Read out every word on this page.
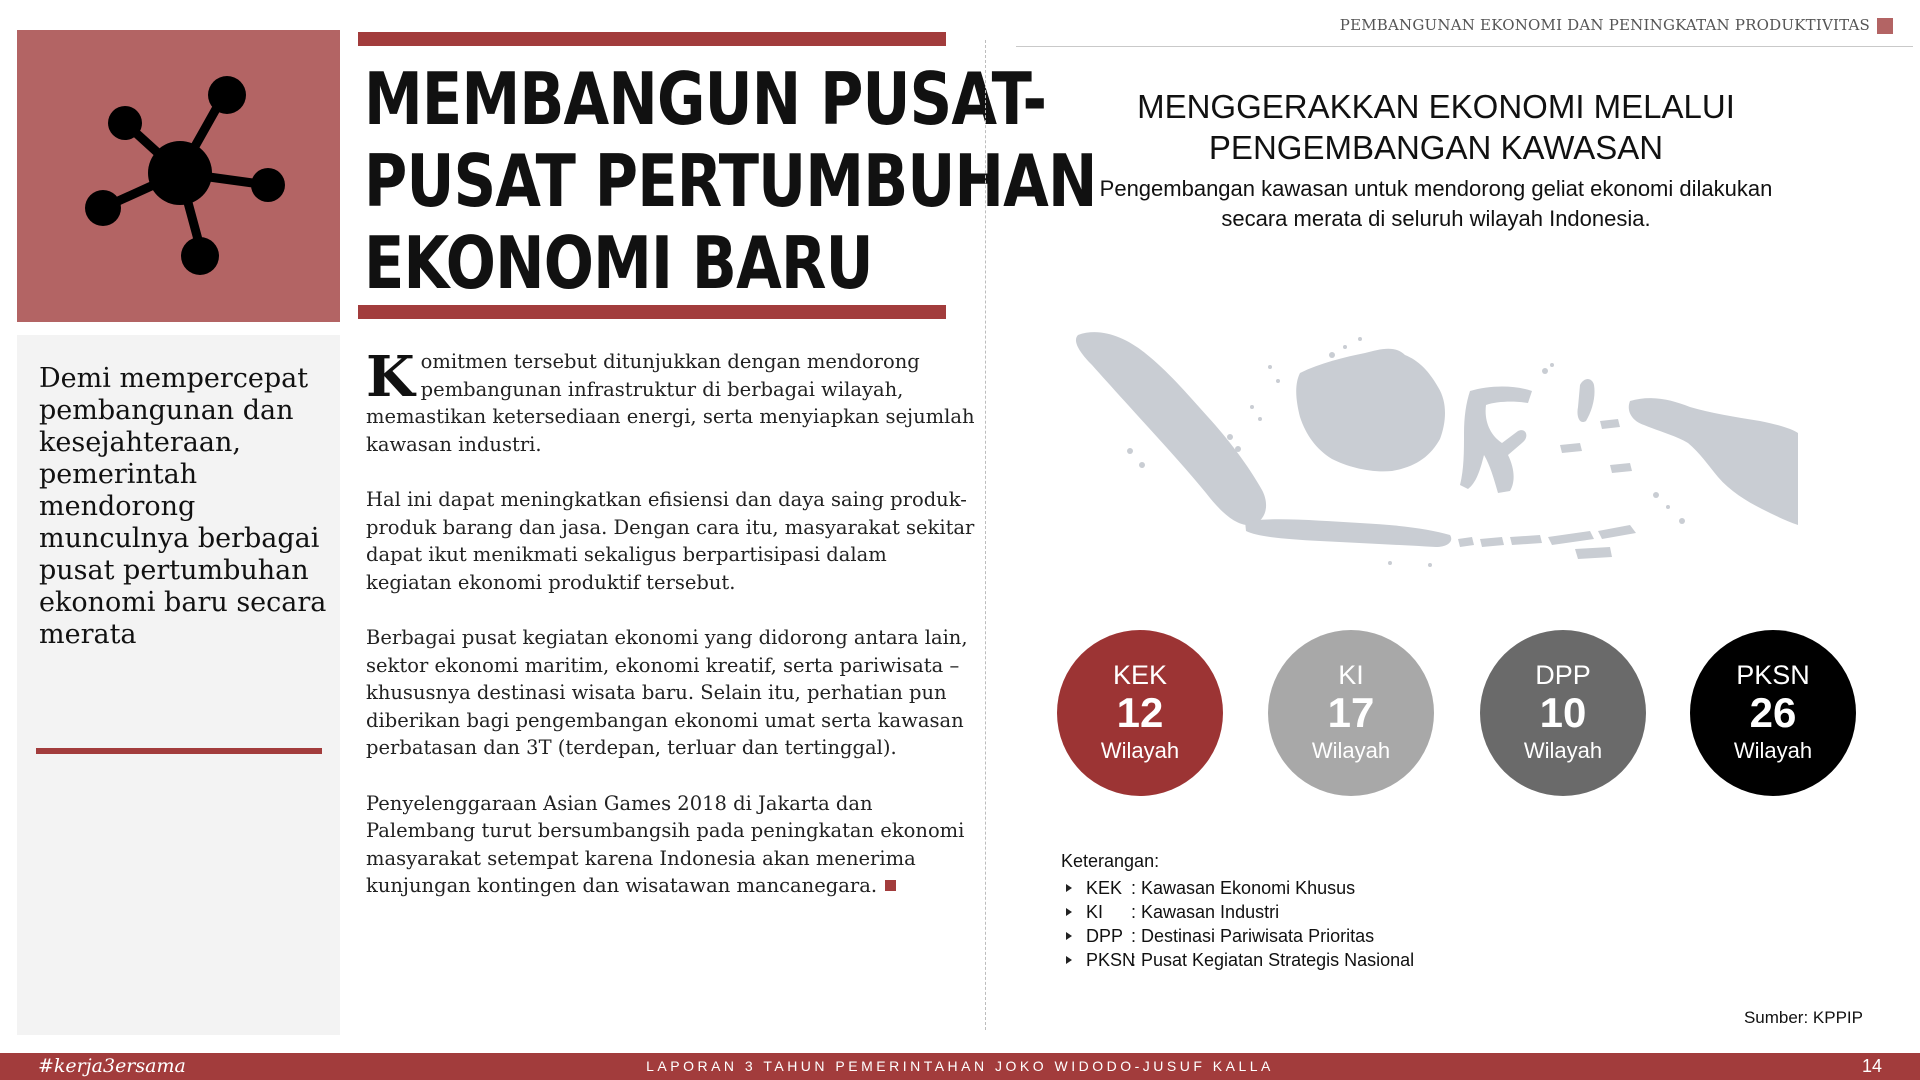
Demi mempercepat pembangunan dan kesejahteraan, pemerintah mendorong munculnya berbagai pusat pertumbuhan ekonomi baru secara merata
MEMBANGUN PUSAT-
PUSAT PERTUMBUHAN
EKONOMI BARU

Komitmen tersebut ditunjukkan dengan mendorong pembangunan infrastruktur di berbagai wilayah, memastikan ketersediaan energi, serta menyiapkan sejumlah kawasan industri.

Hal ini dapat meningkatkan efisiensi dan daya saing produk-produk barang dan jasa. Dengan cara itu, masyarakat sekitar dapat ikut menikmati sekaligus berpartisipasi dalam kegiatan ekonomi produktif tersebut.

Berbagai pusat kegiatan ekonomi yang didorong antara lain, sektor ekonomi maritim, ekonomi kreatif, serta pariwisata – khususnya destinasi wisata baru. Selain itu, perhatian pun diberikan bagi pengembangan ekonomi umat serta kawasan perbatasan dan 3T (terdepan, terluar dan tertinggal).

Penyelenggaraan Asian Games 2018 di Jakarta dan Palembang turut bersumbangsih pada peningkatan ekonomi masyarakat setempat karena Indonesia akan menerima kunjungan kontingen dan wisatawan mancanegara.

PEMBANGUNAN EKONOMI DAN PENINGKATAN PRODUKTIVITAS
MENGGERAKKAN EKONOMI MELALUI
PENGEMBANGAN KAWASAN
Pengembangan kawasan untuk mendorong geliat ekonomi dilakukan
secara merata di seluruh wilayah Indonesia.
KEK
12
Wilayah
KI
17
Wilayah
DPP
10
Wilayah
PKSN
26
Wilayah
Keterangan:
KEK : Kawasan Ekonomi Khusus
KI : Kawasan Industri
DPP : Destinasi Pariwisata Prioritas
PKSN: Pusat Kegiatan Strategis Nasional
Sumber: KPPIP
#kerja3ersama	LAPORAN 3 TAHUN PEMERINTAHAN JOKO WIDODO-JUSUF KALLA	14
